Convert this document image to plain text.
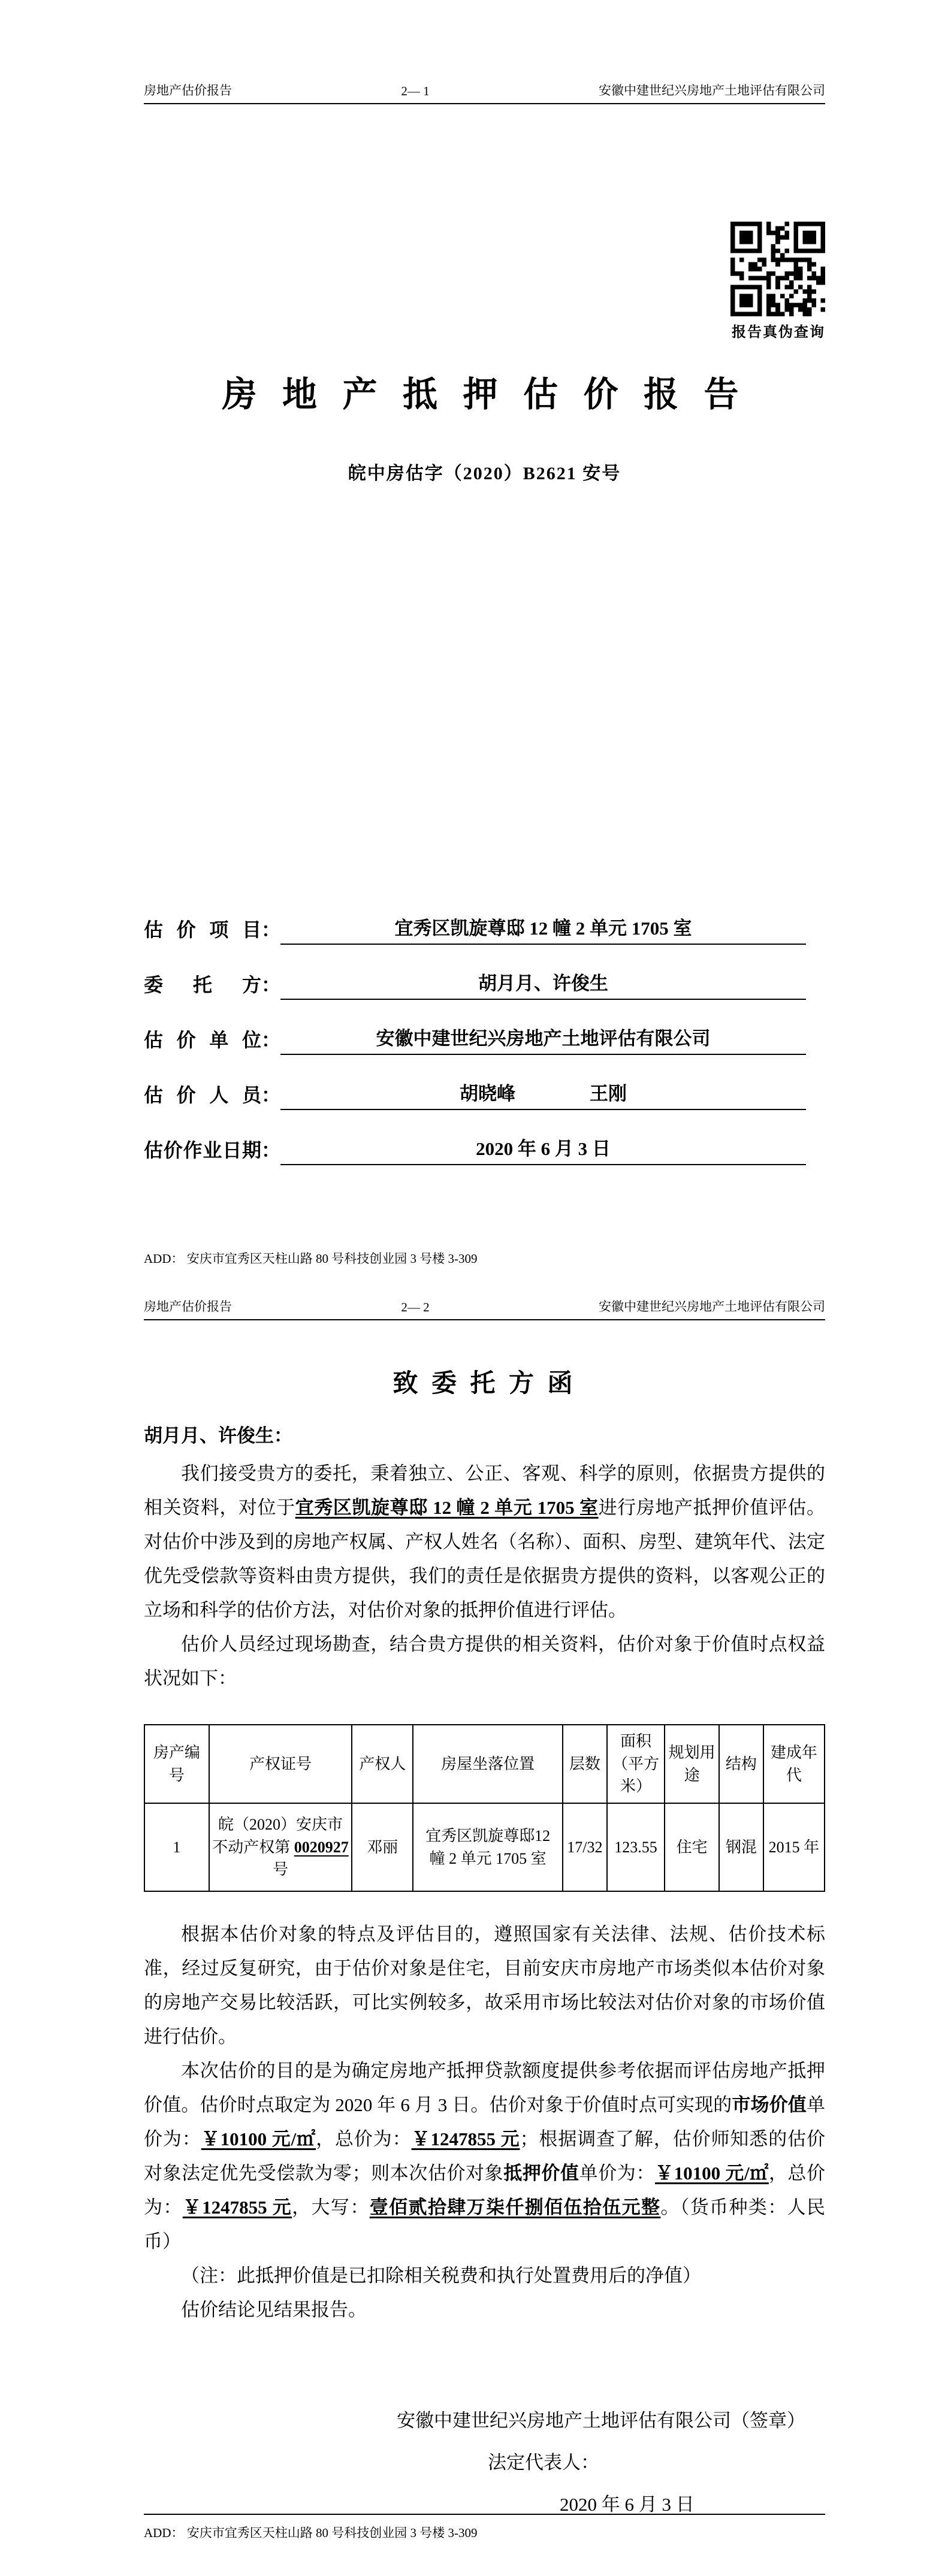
房地产估价报告	2— 1	安徽中建世纪兴房地产土地评估有限公司
报告真伪查询
房 地 产 抵 押 估 价 报 告
皖中房估字（2020）B2621 安号
估价项目：	宜秀区凯旋尊邸 12 幢 2 单元 1705 室
委托方：	胡月月、许俊生
估价单位：	安徽中建世纪兴房地产土地评估有限公司
估价人员：	胡晓峰　　　　王刚
估价作业日期：	2020 年 6 月 3 日
ADD： 安庆市宜秀区天柱山路 80 号科技创业园 3 号楼 3-309
房地产估价报告	2— 2	安徽中建世纪兴房地产土地评估有限公司
致 委 托 方 函

胡月月、许俊生：

我们接受贵方的委托，秉着独立、公正、客观、科学的原则，依据贵方提供的相关资料，对位于宜秀区凯旋尊邸 12 幢 2 单元 1705 室进行房地产抵押价值评估。对估价中涉及到的房地产权属、产权人姓名（名称）、面积、房型、建筑年代、法定优先受偿款等资料由贵方提供，我们的责任是依据贵方提供的资料，以客观公正的立场和科学的估价方法，对估价对象的抵押价值进行评估。

估价人员经过现场勘查，结合贵方提供的相关资料，估价对象于价值时点权益状况如下：

房产编号	产权证号	产权人	房屋坐落位置	层数	面积（平方米）	规划用途	结构	建成年代
1	皖（2020）安庆市不动产权第 0020927 号	邓丽	宜秀区凯旋尊邸12 幢 2 单元 1705 室	17/32	123.55	住宅	钢混	2015 年

根据本估价对象的特点及评估目的，遵照国家有关法律、法规、估价技术标准，经过反复研究，由于估价对象是住宅，目前安庆市房地产市场类似本估价对象的房地产交易比较活跃，可比实例较多，故采用市场比较法对估价对象的市场价值进行估价。

本次估价的目的是为确定房地产抵押贷款额度提供参考依据而评估房地产抵押价值。估价时点取定为 2020 年 6 月 3 日。估价对象于价值时点可实现的市场价值单价为：￥10100 元/㎡，总价为：￥1247855 元；根据调查了解，估价师知悉的估价对象法定优先受偿款为零；则本次估价对象抵押价值单价为：￥10100 元/㎡，总价为：￥1247855 元，大写：壹佰贰拾肆万柒仟捌佰伍拾伍元整。（货币种类：人民币）

（注：此抵押价值是已扣除相关税费和执行处置费用后的净值）

估价结论见结果报告。

安徽中建世纪兴房地产土地评估有限公司（签章）
法定代表人：
2020 年 6 月 3 日
ADD： 安庆市宜秀区天柱山路 80 号科技创业园 3 号楼 3-309
